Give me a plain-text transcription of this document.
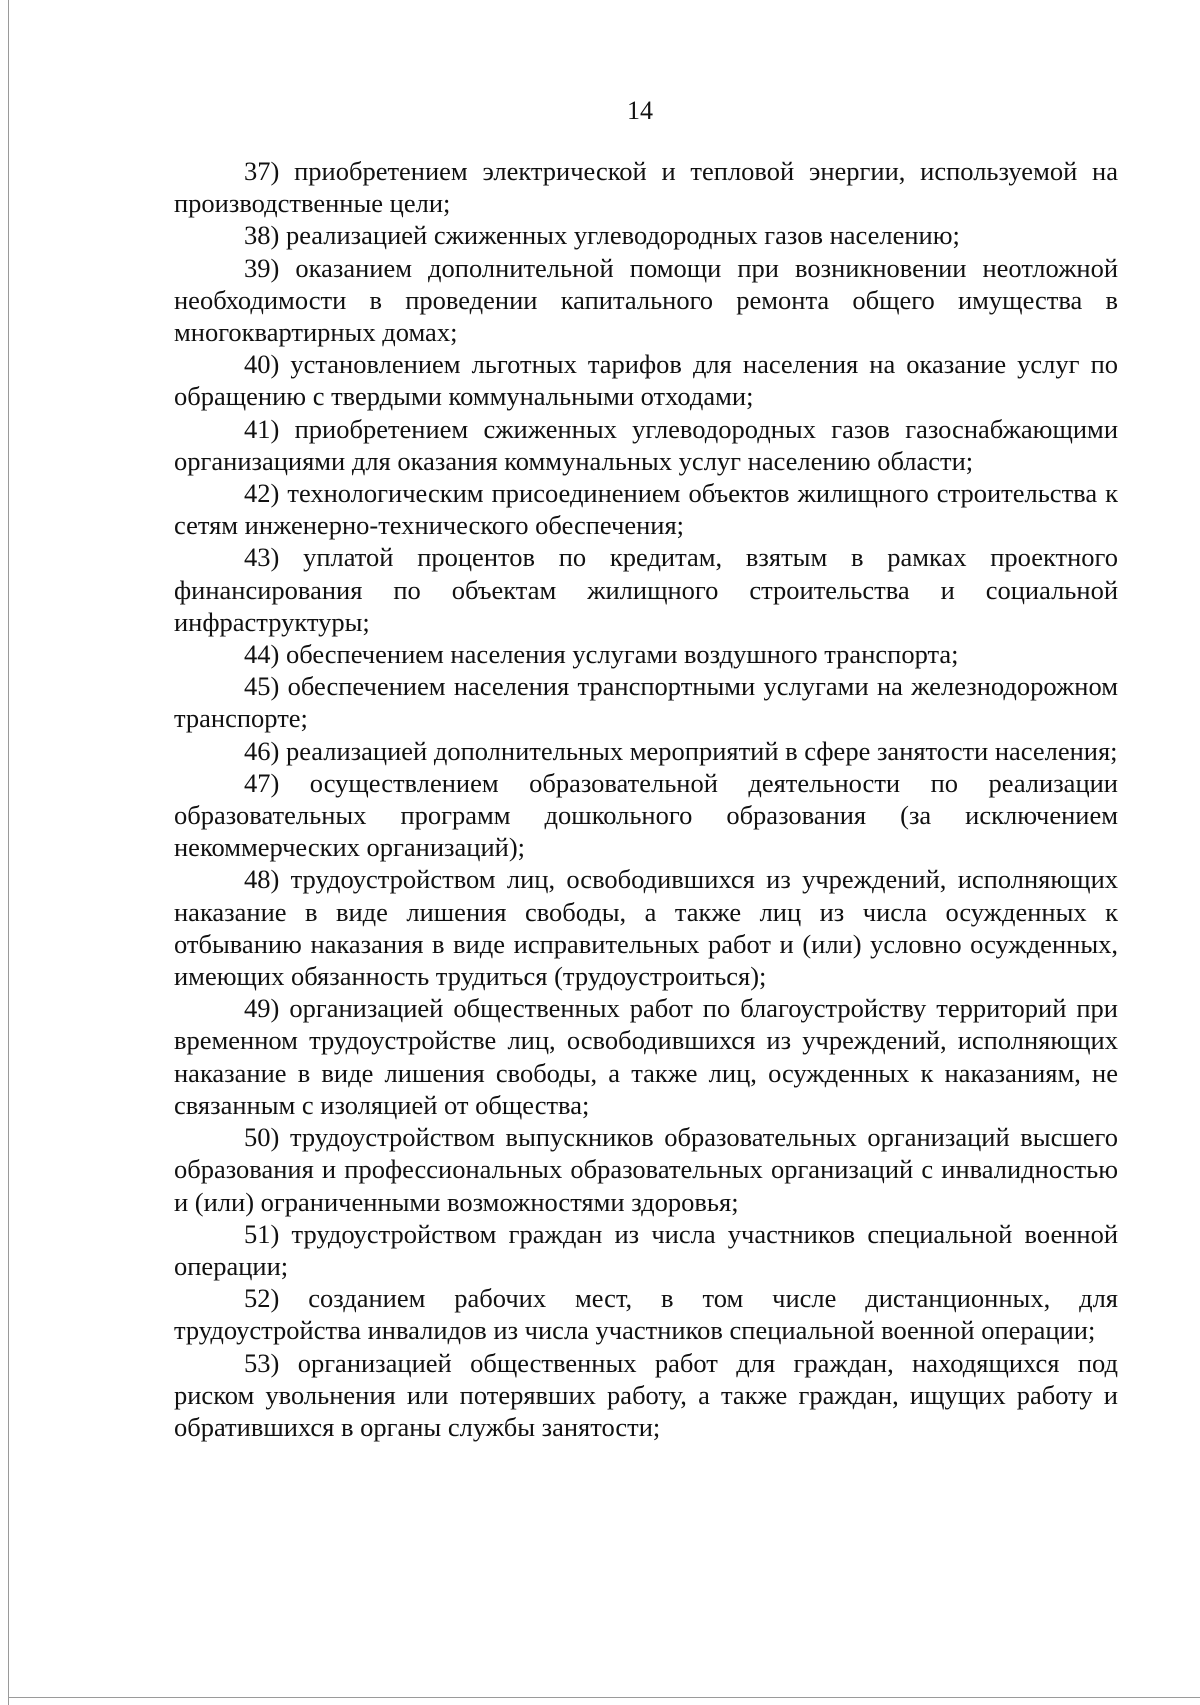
14

37) приобретением электрической и тепловой энергии, используемой на производственные цели;

38) реализацией сжиженных углеводородных газов населению;

39) оказанием дополнительной помощи при возникновении неотложной необходимости в проведении капитального ремонта общего имущества в многоквартирных домах;

40) установлением льготных тарифов для населения на оказание услуг по обращению с твердыми коммунальными отходами;

41) приобретением сжиженных углеводородных газов газоснабжающими организациями для оказания коммунальных услуг населению области;

42) технологическим присоединением объектов жилищного строительства к сетям инженерно-технического обеспечения;

43) уплатой процентов по кредитам, взятым в рамках проектного финансирования по объектам жилищного строительства и социальной инфраструктуры;

44) обеспечением населения услугами воздушного транспорта;

45) обеспечением населения транспортными услугами на железнодорожном транспорте;

46) реализацией дополнительных мероприятий в сфере занятости населения;

47) осуществлением образовательной деятельности по реализации образовательных программ дошкольного образования (за исключением некоммерческих организаций);

48) трудоустройством лиц, освободившихся из учреждений, исполняющих наказание в виде лишения свободы, а также лиц из числа осужденных к отбыванию наказания в виде исправительных работ и (или) условно осужденных, имеющих обязанность трудиться (трудоустроиться);

49) организацией общественных работ по благоустройству территорий при временном трудоустройстве лиц, освободившихся из учреждений, исполняющих наказание в виде лишения свободы, а также лиц, осужденных к наказаниям, не связанным с изоляцией от общества;

50) трудоустройством выпускников образовательных организаций высшего образования и профессиональных образовательных организаций с инвалидностью и (или) ограниченными возможностями здоровья;

51) трудоустройством граждан из числа участников специальной военной операции;

52) созданием рабочих мест, в том числе дистанционных, для трудоустройства инвалидов из числа участников специальной военной операции;

53) организацией общественных работ для граждан, находящихся под риском увольнения или потерявших работу, а также граждан, ищущих работу и обратившихся в органы службы занятости;
